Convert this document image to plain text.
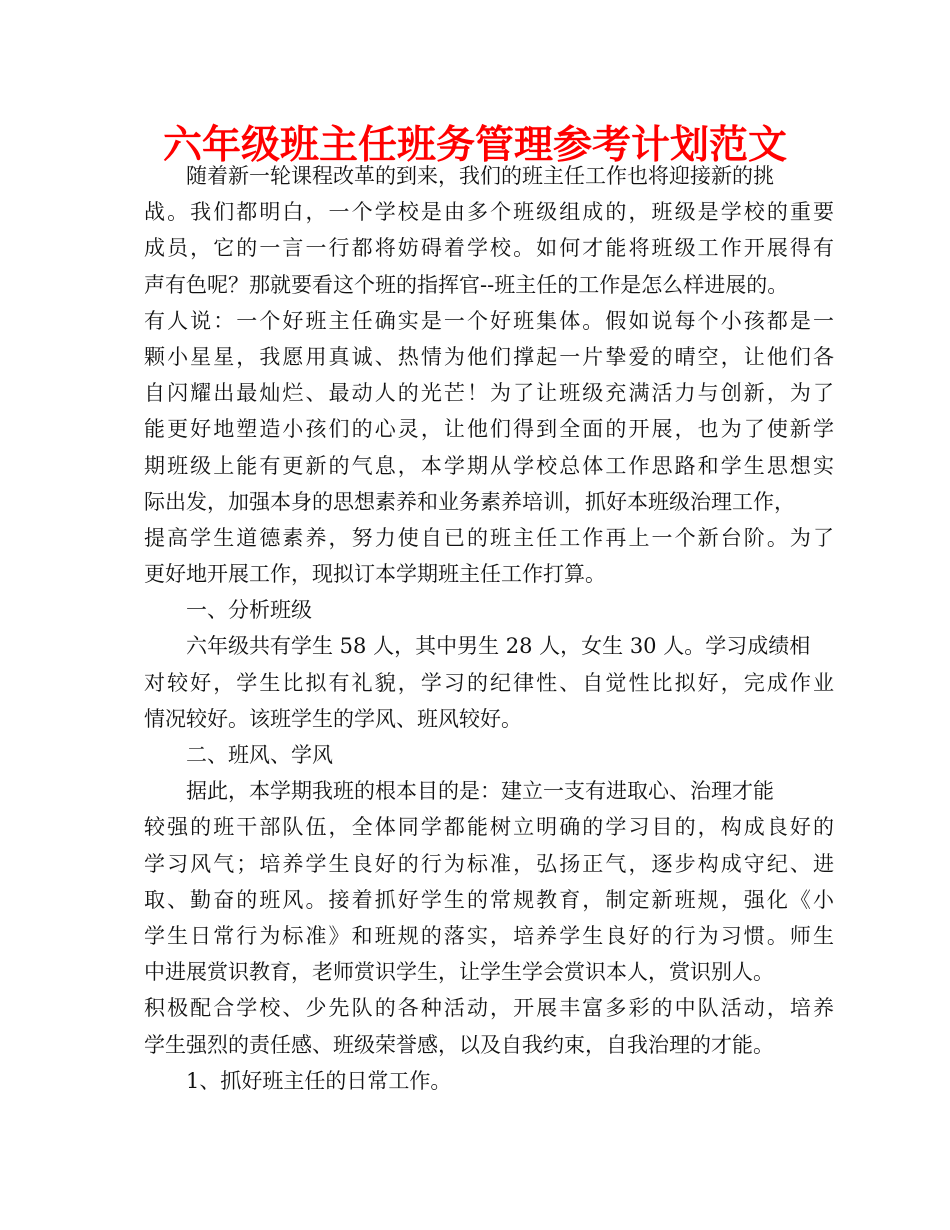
六年级班主任班务管理参考计划范文
随着新一轮课程改革的到来，我们的班主任工作也将迎接新的挑
战。我们都明白，一个学校是由多个班级组成的，班级是学校的重要
成员，它的一言一行都将妨碍着学校。如何才能将班级工作开展得有
声有色呢？那就要看这个班的指挥官--班主任的工作是怎么样进展的。
有人说：一个好班主任确实是一个好班集体。假如说每个小孩都是一
颗小星星，我愿用真诚、热情为他们撑起一片挚爱的晴空，让他们各
自闪耀出最灿烂、最动人的光芒！为了让班级充满活力与创新，为了
能更好地塑造小孩们的心灵，让他们得到全面的开展，也为了使新学
期班级上能有更新的气息，本学期从学校总体工作思路和学生思想实
际出发，加强本身的思想素养和业务素养培训，抓好本班级治理工作，
提高学生道德素养，努力使自已的班主任工作再上一个新台阶。为了
更好地开展工作，现拟订本学期班主任工作打算。
一、分析班级
六年级共有学生 58 人，其中男生 28 人，女生 30 人。学习成绩相
对较好，学生比拟有礼貌，学习的纪律性、自觉性比拟好，完成作业
情况较好。该班学生的学风、班风较好。
二、班风、学风
据此，本学期我班的根本目的是：建立一支有进取心、治理才能
较强的班干部队伍，全体同学都能树立明确的学习目的，构成良好的
学习风气；培养学生良好的行为标准，弘扬正气，逐步构成守纪、进
取、勤奋的班风。接着抓好学生的常规教育，制定新班规，强化《小
学生日常行为标准》和班规的落实，培养学生良好的行为习惯。师生
中进展赏识教育，老师赏识学生，让学生学会赏识本人，赏识别人。
积极配合学校、少先队的各种活动，开展丰富多彩的中队活动，培养
学生强烈的责任感、班级荣誉感，以及自我约束，自我治理的才能。
1、抓好班主任的日常工作。
